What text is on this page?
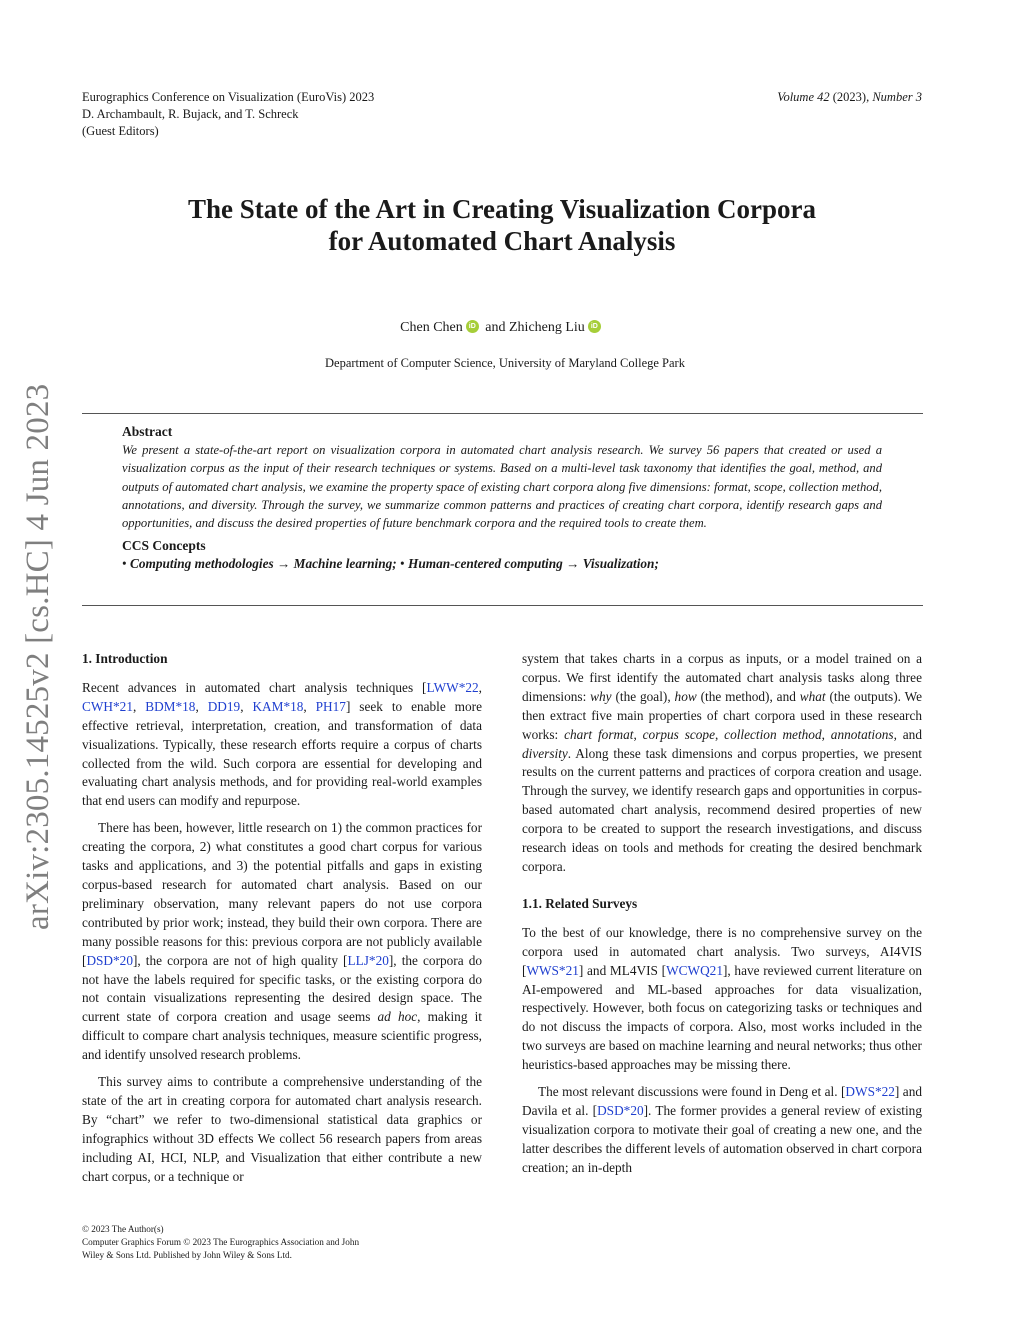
Eurographics Conference on Visualization (EuroVis) 2023
D. Archambault, R. Bujack, and T. Schreck
(Guest Editors)
Volume 42 (2023), Number 3
arXiv:2305.14525v2 [cs.HC] 4 Jun 2023
The State of the Art in Creating Visualization Corpora
for Automated Chart Analysis
Chen Chen iD and Zhicheng Liu iD
Department of Computer Science, University of Maryland College Park
Abstract

We present a state-of-the-art report on visualization corpora in automated chart analysis research. We survey 56 papers that created or used a visualization corpus as the input of their research techniques or systems. Based on a multi-level task taxonomy that identifies the goal, method, and outputs of automated chart analysis, we examine the property space of existing chart corpora along five dimensions: format, scope, collection method, annotations, and diversity. Through the survey, we summarize common patterns and practices of creating chart corpora, identify research gaps and opportunities, and discuss the desired properties of future benchmark corpora and the required tools to create them.

CCS Concepts
• Computing methodologies → Machine learning; • Human-centered computing → Visualization;
1. Introduction

Recent advances in automated chart analysis techniques [LWW*22, CWH*21, BDM*18, DD19, KAM*18, PH17] seek to enable more effective retrieval, interpretation, creation, and transformation of data visualizations. Typically, these research efforts require a corpus of charts collected from the wild. Such corpora are essential for developing and evaluating chart analysis methods, and for providing real-world examples that end users can modify and repurpose.

There has been, however, little research on 1) the common practices for creating the corpora, 2) what constitutes a good chart corpus for various tasks and applications, and 3) the potential pitfalls and gaps in existing corpus-based research for automated chart analysis. Based on our preliminary observation, many relevant papers do not use corpora contributed by prior work; instead, they build their own corpora. There are many possible reasons for this: previous corpora are not publicly available [DSD*20], the corpora are not of high quality [LLJ*20], the corpora do not have the labels required for specific tasks, or the existing corpora do not contain visualizations representing the desired design space. The current state of corpora creation and usage seems ad hoc, making it difficult to compare chart analysis techniques, measure scientific progress, and identify unsolved research problems.

This survey aims to contribute a comprehensive understanding of the state of the art in creating corpora for automated chart analysis research. By “chart” we refer to two-dimensional statistical data graphics or infographics without 3D effects We collect 56 research papers from areas including AI, HCI, NLP, and Visualization that either contribute a new chart corpus, or a technique or

system that takes charts in a corpus as inputs, or a model trained on a corpus. We first identify the automated chart analysis tasks along three dimensions: why (the goal), how (the method), and what (the outputs). We then extract five main properties of chart corpora used in these research works: chart format, corpus scope, collection method, annotations, and diversity. Along these task dimensions and corpus properties, we present results on the current patterns and practices of corpora creation and usage. Through the survey, we identify research gaps and opportunities in corpus-based automated chart analysis, recommend desired properties of new corpora to be created to support the research investigations, and discuss research ideas on tools and methods for creating the desired benchmark corpora.

1.1. Related Surveys

To the best of our knowledge, there is no comprehensive survey on the corpora used in automated chart analysis. Two surveys, AI4VIS [WWS*21] and ML4VIS [WCWQ21], have reviewed current literature on AI-empowered and ML-based approaches for data visualization, respectively. However, both focus on categorizing tasks or techniques and do not discuss the impacts of corpora. Also, most works included in the two surveys are based on machine learning and neural networks; thus other heuristics-based approaches may be missing there.

The most relevant discussions were found in Deng et al. [DWS*22] and Davila et al. [DSD*20]. The former provides a general review of existing visualization corpora to motivate their goal of creating a new one, and the latter describes the different levels of automation observed in chart corpora creation; an in-depth

© 2023 The Author(s)
Computer Graphics Forum © 2023 The Eurographics Association and John
Wiley & Sons Ltd. Published by John Wiley & Sons Ltd.
